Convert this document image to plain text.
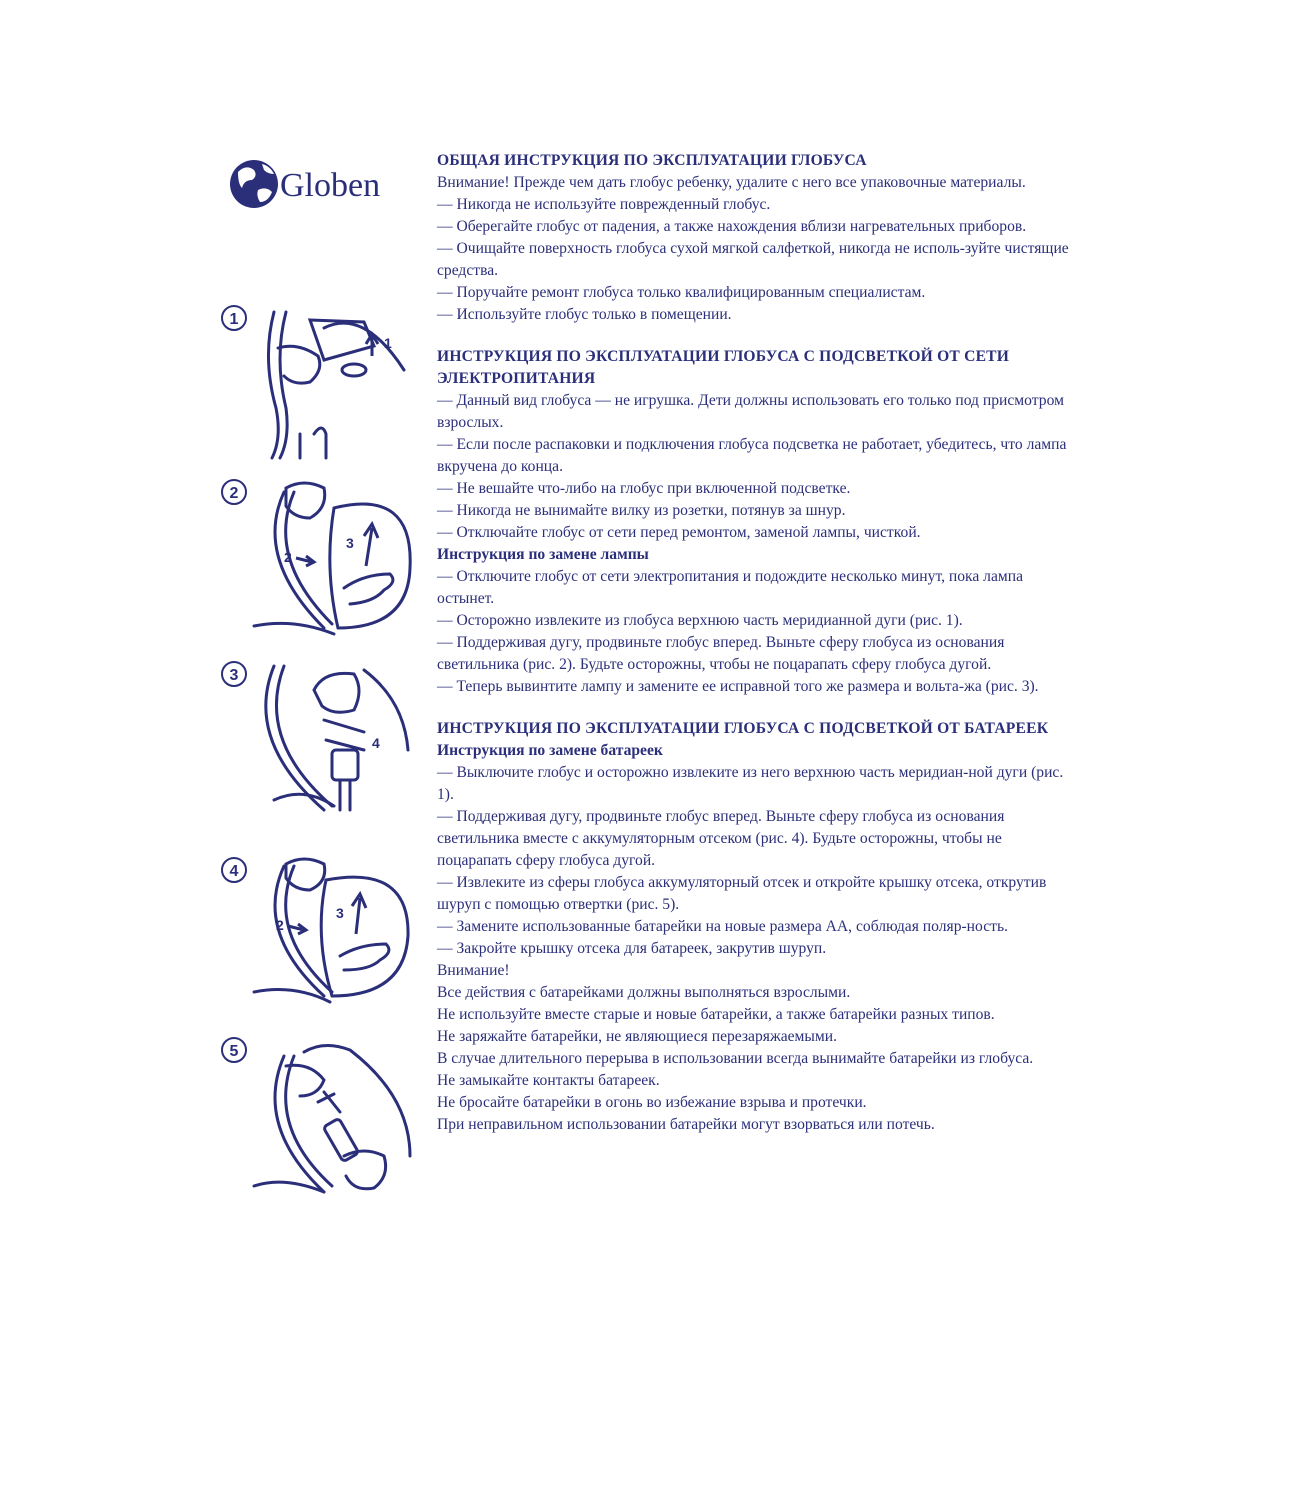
Globen
1
1
2
2
3
3
4
4
2
3
5
ОБЩАЯ ИНСТРУКЦИЯ ПО ЭКСПЛУАТАЦИИ ГЛОБУСА

Внимание! Прежде чем дать глобус ребенку, удалите с него все упаковочные материалы.

— Никогда не используйте поврежденный глобус.

— Оберегайте глобус от падения, а также нахождения вблизи нагревательных приборов.

— Очищайте поверхность глобуса сухой мягкой салфеткой, никогда не исполь-зуйте чистящие средства.

— Поручайте ремонт глобуса только квалифицированным специалистам.

— Используйте глобус только в помещении.

ИНСТРУКЦИЯ ПО ЭКСПЛУАТАЦИИ ГЛОБУСА С ПОДСВЕТКОЙ ОТ СЕТИ ЭЛЕКТРОПИТАНИЯ

— Данный вид глобуса — не игрушка. Дети должны использовать его только под присмотром взрослых.

— Если после распаковки и подключения глобуса подсветка не работает, убедитесь, что лампа вкручена до конца.

— Не вешайте что-либо на глобус при включенной подсветке.

— Никогда не вынимайте вилку из розетки, потянув за шнур.

— Отключайте глобус от сети перед ремонтом, заменой лампы, чисткой.

Инструкция по замене лампы

— Отключите глобус от сети электропитания и подождите несколько минут, пока лампа остынет.

— Осторожно извлеките из глобуса верхнюю часть меридианной дуги (рис. 1).

— Поддерживая дугу, продвиньте глобус вперед. Выньте сферу глобуса из основания светильника (рис. 2). Будьте осторожны, чтобы не поцарапать сферу глобуса дугой.

— Теперь вывинтите лампу и замените ее исправной того же размера и вольта-жа (рис. 3).

ИНСТРУКЦИЯ ПО ЭКСПЛУАТАЦИИ ГЛОБУСА С ПОДСВЕТКОЙ ОТ БАТАРЕЕК

Инструкция по замене батареек

— Выключите глобус и осторожно извлеките из него верхнюю часть меридиан-ной дуги (рис. 1).

— Поддерживая дугу, продвиньте глобус вперед. Выньте сферу глобуса из основания светильника вместе с аккумуляторным отсеком (рис. 4). Будьте осторожны, чтобы не поцарапать сферу глобуса дугой.

— Извлеките из сферы глобуса аккумуляторный отсек и откройте крышку отсека, открутив шуруп с помощью отвертки (рис. 5).

— Замените использованные батарейки на новые размера АА, соблюдая поляр-ность.

— Закройте крышку отсека для батареек, закрутив шуруп.

Внимание!

Все действия с батарейками должны выполняться взрослыми.

Не используйте вместе старые и новые батарейки, а также батарейки разных типов.

Не заряжайте батарейки, не являющиеся перезаряжаемыми.

В случае длительного перерыва в использовании всегда вынимайте батарейки из глобуса.

Не замыкайте контакты батареек.

Не бросайте батарейки в огонь во избежание взрыва и протечки.

При неправильном использовании батарейки могут взорваться или потечь.
